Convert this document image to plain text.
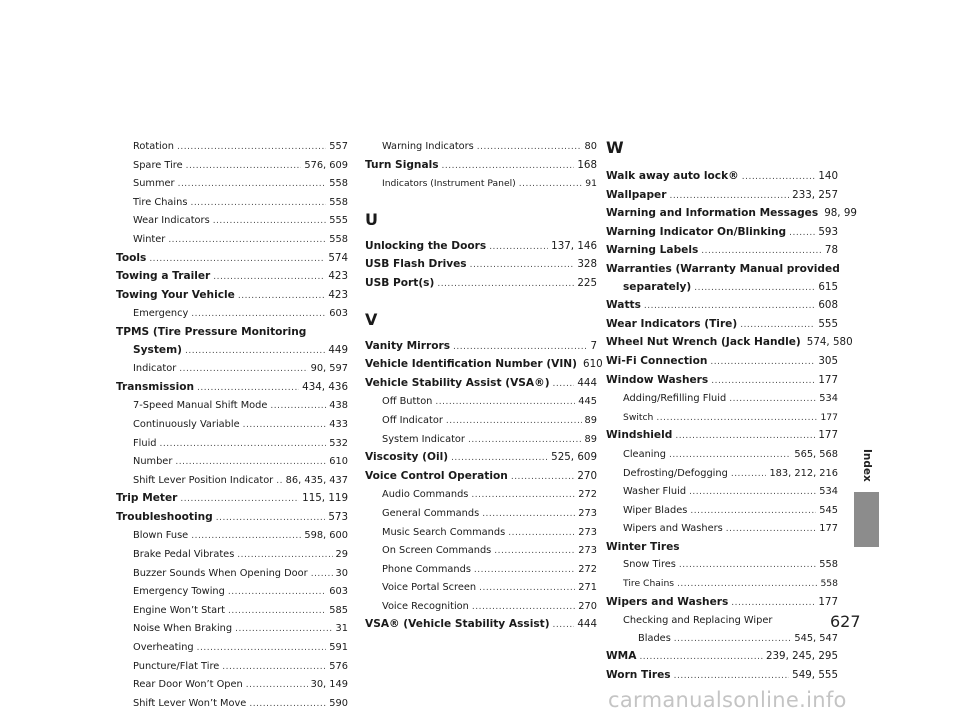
Rotation .....	557
Spare Tire .....	576, 609
Summer .....	558
Tire Chains .....	558
Wear Indicators .....	555
Winter .....	558
Tools .....	574
Towing a Trailer .....	423
Towing Your Vehicle .....	423
Emergency .....	603
TPMS (Tire Pressure Monitoring
System) .....	449
Indicator .....	90, 597
Transmission .....	434, 436
7-Speed Manual Shift Mode .....	438
Continuously Variable .....	433
Fluid .....	532
Number .....	610
Shift Lever Position Indicator ..... 86, 435, 437
Trip Meter .....	115, 119
Troubleshooting .....	573
Blown Fuse .....	598, 600
Brake Pedal Vibrates .....	29
Buzzer Sounds When Opening Door .....	30
Emergency Towing .....	603
Engine Won’t Start .....	585
Noise When Braking .....	31
Overheating .....	591
Puncture/Flat Tire .....	576
Rear Door Won’t Open .....	30, 149
Shift Lever Won’t Move .....	590
Warning Indicators .....	80
Turn Signals .....	168
Indicators (Instrument Panel) .....	91
U
Unlocking the Doors .....	137, 146
USB Flash Drives .....	328
USB Port(s) .....	225
V
Vanity Mirrors .....	7
Vehicle Identification Number (VIN) 610
Vehicle Stability Assist (VSA®) .....	444
Off Button .....	445
Off Indicator .....	89
System Indicator .....	89
Viscosity (Oil) .....	525, 609
Voice Control Operation .....	270
Audio Commands .....	272
General Commands .....	273
Music Search Commands .....	273
On Screen Commands .....	273
Phone Commands .....	272
Voice Portal Screen .....	271
Voice Recognition .....	270
VSA® (Vehicle Stability Assist) .....	444
W
Walk away auto lock® .....	140
Wallpaper .....	233, 257
Warning and Information Messages 98, 99
Warning Indicator On/Blinking .....	593
Warning Labels .....	78
Warranties (Warranty Manual provided
separately) .....	615
Watts .....	608
Wear Indicators (Tire) .....	555
Wheel Nut Wrench (Jack Handle) 574, 580
Wi-Fi Connection .....	305
Window Washers .....	177
Adding/Refilling Fluid .....	534
Switch .....	177
Windshield .....	177
Cleaning .....	565, 568
Defrosting/Defogging .....	183, 212, 216
Washer Fluid .....	534
Wiper Blades .....	545
Wipers and Washers .....	177
Winter Tires
Snow Tires .....	558
Tire Chains .....	558
Wipers and Washers .....	177
Checking and Replacing Wiper
Blades .....	545, 547
WMA .....	239, 245, 295
Worn Tires .....	549, 555
Index
627
carmanualsonline.info
